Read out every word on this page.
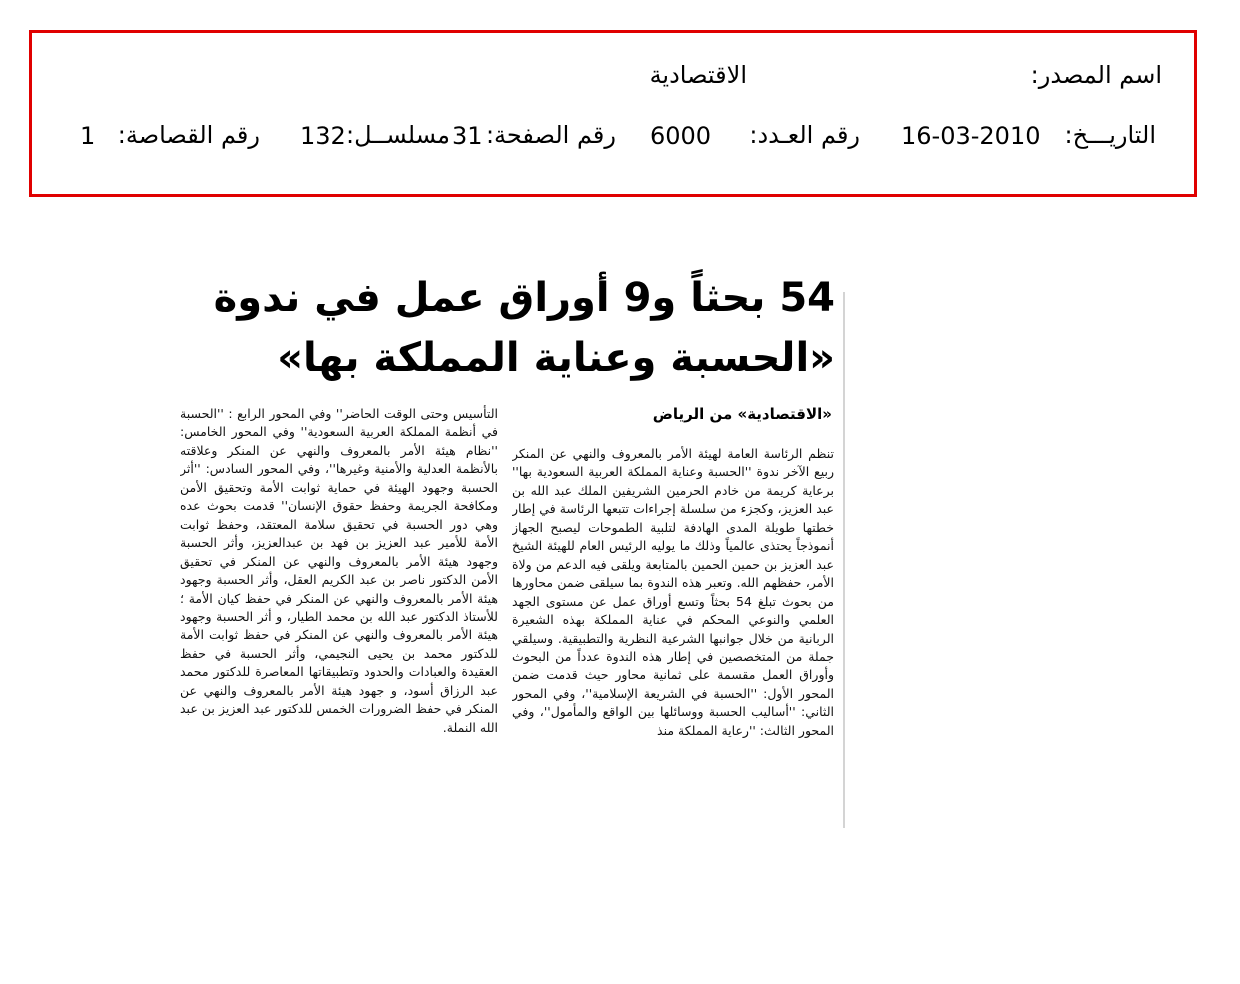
اسم المصدر:
الاقتصادية
التاريـــخ:
16-03-2010
رقم العـدد:
6000
رقم الصفحة:
31
مسلســل:
132
رقم القصاصة:
1
54 بحثاً و9 أوراق عمل في ندوة «الحسبة وعناية المملكة بها»
«الاقتصادية» من الرياض

تنظم الرئاسة العامة لهيئة الأمر بالمعروف والنهي عن المنكر ربيع الآخر ندوة ''الحسبة وعناية المملكة العربية السعودية بها'' برعاية كريمة من خادم الحرمين الشريفين الملك عبد الله بن عبد العزيز، وكجزء من سلسلة إجراءات تتبعها الرئاسة في إطار خطتها طويلة المدى الهادفة لتلبية الطموحات ليصبح الجهاز أنموذجاً يحتذى عالمياً وذلك ما يوليه الرئيس العام للهيئة الشيخ عبد العزيز بن حمين الحمين بالمتابعة ويلقى فيه الدعم من ولاة الأمر، حفظهم الله. وتعبر هذه الندوة بما سيلقى ضمن محاورها من بحوث تبلغ 54 بحثاً وتسع أوراق عمل عن مستوى الجهد العلمي والنوعي المحكم في عناية المملكة بهذه الشعيرة الربانية من خلال جوانبها الشرعية النظرية والتطبيقية. وسيلقي جملة من المتخصصين في إطار هذه الندوة عدداً من البحوث وأوراق العمل مقسمة على ثمانية محاور حيث قدمت ضمن المحور الأول: ''الحسبة في الشريعة الإسلامية''، وفي المحور الثاني: ''أساليب الحسبة ووسائلها بين الواقع والمأمول''، وفي المحور الثالث: ''رعاية المملكة منذ

التأسيس وحتى الوقت الحاضر'' وفي المحور الرابع : ''الحسبة في أنظمة المملكة العربية السعودية'' وفي المحور الخامس: ''نظام هيئة الأمر بالمعروف والنهي عن المنكر وعلاقته بالأنظمة العدلية والأمنية وغيرها''، وفي المحور السادس: ''أثر الحسبة وجهود الهيئة في حماية ثوابت الأمة وتحقيق الأمن ومكافحة الجريمة وحفظ حقوق الإنسان'' قدمت بحوث عده وهي دور الحسبة في تحقيق سلامة المعتقد، وحفظ ثوابت الأمة للأمير عبد العزيز بن فهد بن عبدالعزيز، وأثر الحسبة وجهود هيئة الأمر بالمعروف والنهي عن المنكر في تحقيق الأمن الدكتور ناصر بن عبد الكريم العقل، وأثر الحسبة وجهود هيئة الأمر بالمعروف والنهي عن المنكر في حفظ كيان الأمة ؛ للأستاذ الدكتور عبد الله بن محمد الطيار، و أثر الحسبة وجهود هيئة الأمر بالمعروف والنهي عن المنكر في حفظ ثوابت الأمة للدكتور محمد بن يحيى النجيمي، وأثر الحسبة في حفظ العقيدة والعبادات والحدود وتطبيقاتها المعاصرة للدكتور محمد عبد الرزاق أسود، و جهود هيئة الأمر بالمعروف والنهي عن المنكر في حفظ الضرورات الخمس للدكتور عبد العزيز بن عبد الله النملة.
